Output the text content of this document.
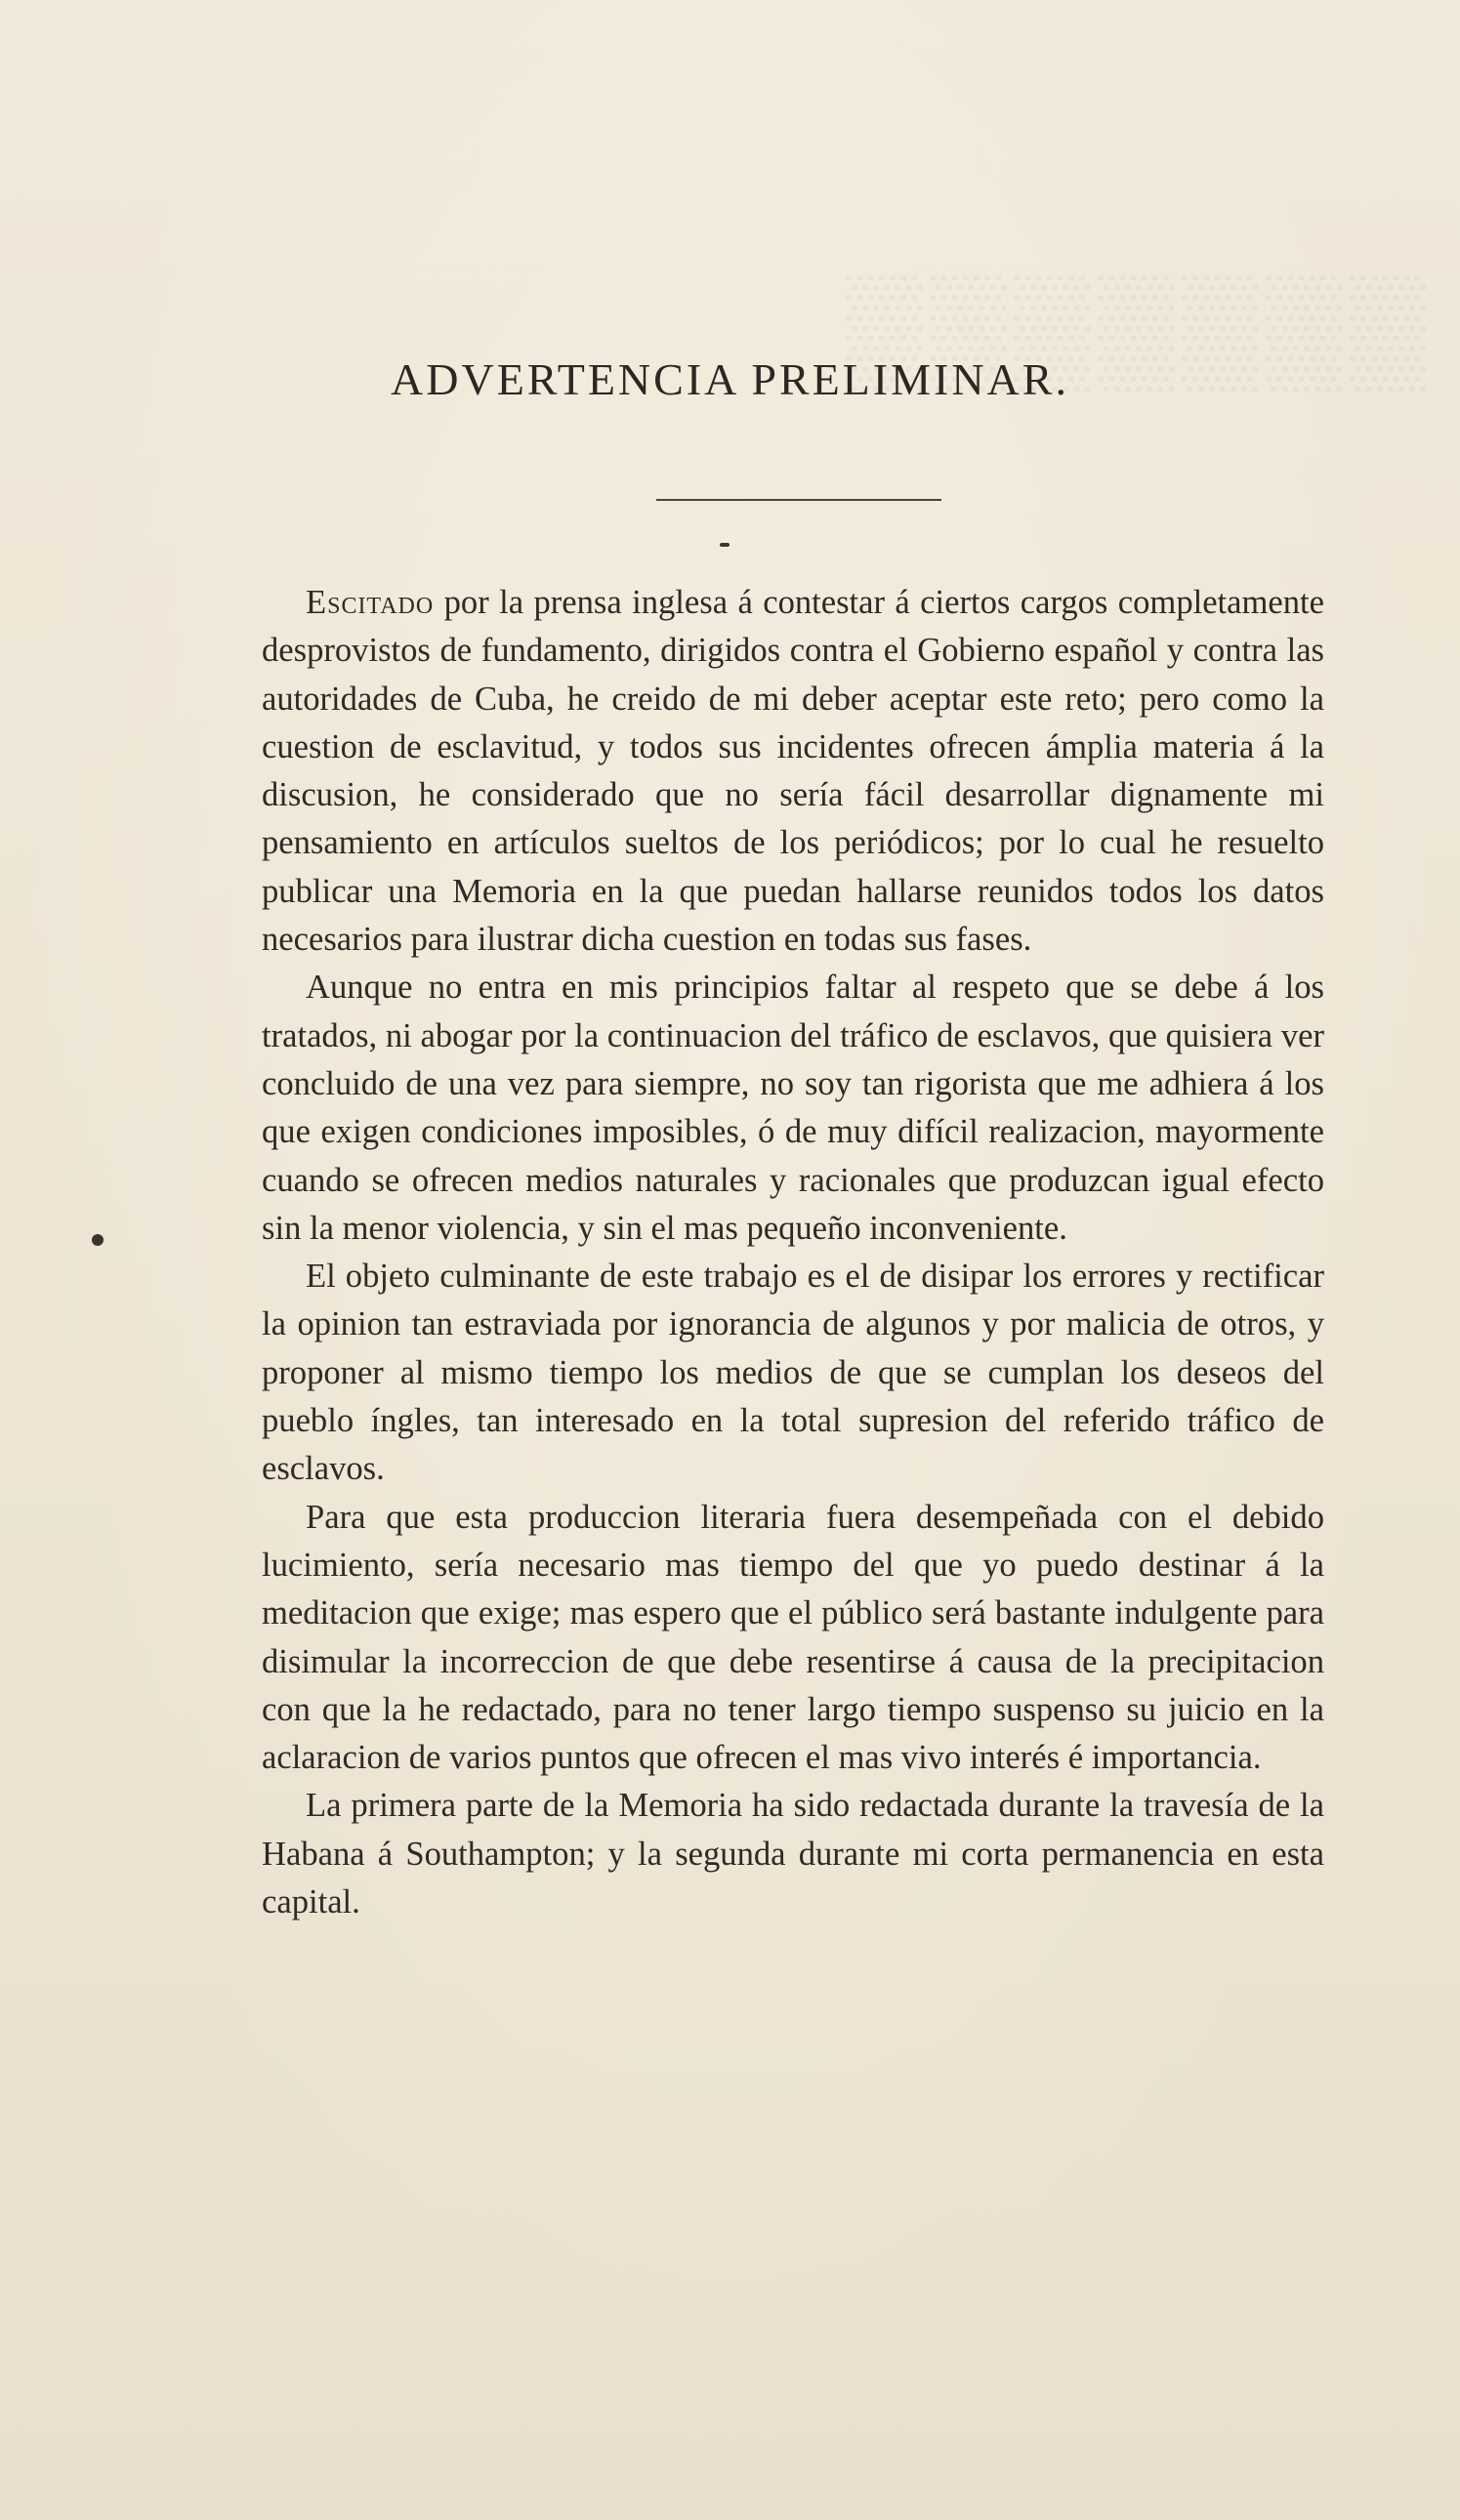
▒▒▒▒▒▒▒
ADVERTENCIA PRELIMINAR.

Escitado por la prensa inglesa á contestar á ciertos cargos completamente desprovistos de fundamento, dirigidos contra el Gobierno español y contra las autoridades de Cuba, he creido de mi deber aceptar este reto; pero como la cuestion de esclavitud, y todos sus incidentes ofrecen ámplia materia á la discusion, he considerado que no sería fácil desarrollar dignamente mi pensamiento en artículos sueltos de los periódicos; por lo cual he resuelto publicar una Memoria en la que puedan hallarse reunidos todos los datos necesarios para ilustrar dicha cuestion en todas sus fases.

Aunque no entra en mis principios faltar al respeto que se debe á los tratados, ni abogar por la continuacion del tráfico de esclavos, que quisiera ver concluido de una vez para siempre, no soy tan rigorista que me adhiera á los que exigen condiciones imposibles, ó de muy difícil realizacion, mayormente cuando se ofrecen medios naturales y racionales que produzcan igual efecto sin la menor violencia, y sin el mas pequeño inconveniente.

El objeto culminante de este trabajo es el de disipar los errores y rectificar la opinion tan estraviada por ignorancia de algunos y por malicia de otros, y proponer al mismo tiempo los medios de que se cumplan los deseos del pueblo íngles, tan interesado en la total supresion del referido tráfico de esclavos.

Para que esta produccion literaria fuera desempeñada con el debido lucimiento, sería necesario mas tiempo del que yo puedo destinar á la meditacion que exige; mas espero que el público será bastante indulgente para disimular la incorreccion de que debe resentirse á causa de la precipitacion con que la he redactado, para no tener largo tiempo suspenso su juicio en la aclaracion de varios puntos que ofrecen el mas vivo interés é importancia.

La primera parte de la Memoria ha sido redactada durante la travesía de la Habana á Southampton; y la segunda durante mi corta permanencia en esta capital.
